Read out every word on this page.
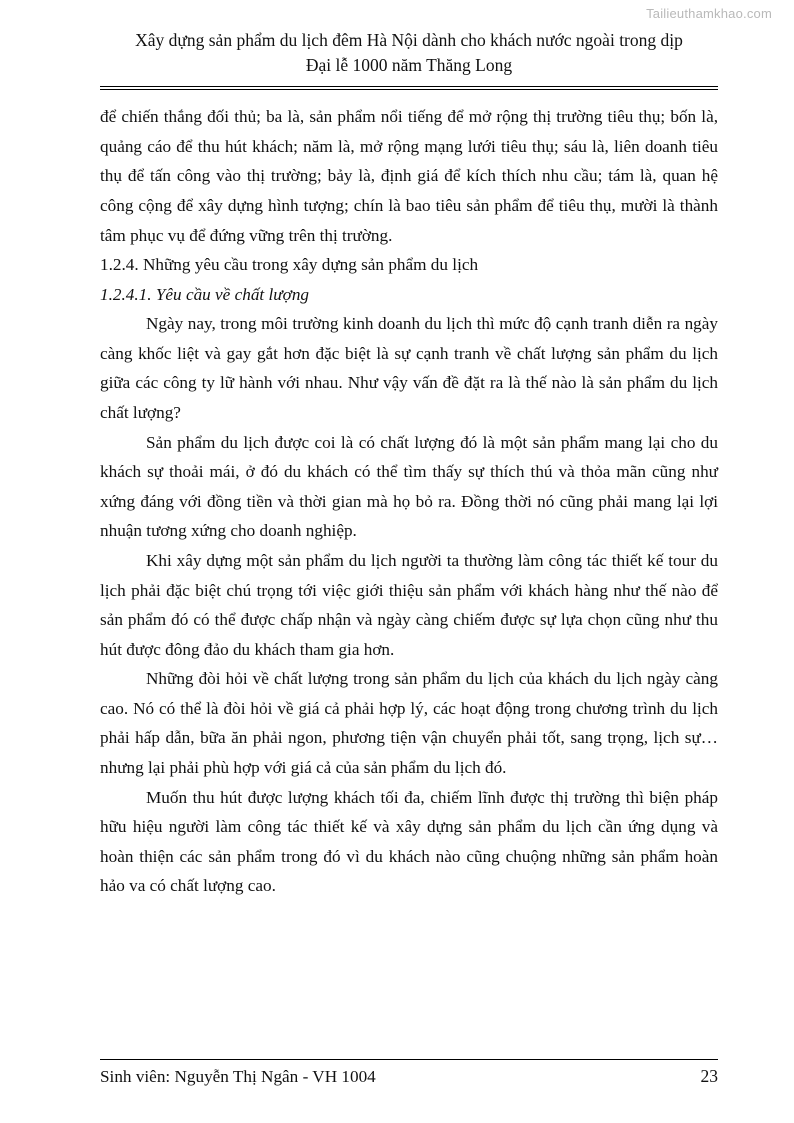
Tailieuthamkhao.com
Xây dựng sản phẩm du lịch đêm Hà Nội dành cho khách nước ngoài trong dịp
Đại lễ 1000 năm Thăng Long

để chiến thắng đối thủ; ba là, sản phẩm nổi tiếng để mở rộng thị trường tiêu thụ; bốn là, quảng cáo để thu hút khách; năm là, mở rộng mạng lưới tiêu thụ; sáu là, liên doanh tiêu thụ để tấn công vào thị trường; bảy là, định giá để kích thích nhu cầu; tám là, quan hệ công cộng để xây dựng hình tượng; chín là bao tiêu sản phẩm để tiêu thụ, mười là thành tâm phục vụ để đứng vững trên thị trường.

1.2.4. Những yêu cầu trong xây dựng sản phẩm du lịch

1.2.4.1. Yêu cầu về chất lượng

Ngày nay, trong môi trường kinh doanh du lịch thì mức độ cạnh tranh diễn ra ngày càng khốc liệt và gay gắt hơn đặc biệt là sự cạnh tranh về chất lượng sản phẩm du lịch giữa các công ty lữ hành với nhau. Như vậy vấn đề đặt ra là thế nào là sản phẩm du lịch chất lượng?

Sản phẩm du lịch được coi là có chất lượng đó là một sản phẩm mang lại cho du khách sự thoải mái, ở đó du khách có thể tìm thấy sự thích thú và thỏa mãn cũng như xứng đáng với đồng tiền và thời gian mà họ bỏ ra. Đồng thời nó cũng phải mang lại lợi nhuận tương xứng cho doanh nghiệp.

Khi xây dựng một sản phẩm du lịch người ta thường làm công tác thiết kế tour du lịch phải đặc biệt chú trọng tới việc giới thiệu sản phẩm với khách hàng như thế nào để sản phẩm đó có thể được chấp nhận và ngày càng chiếm được sự lựa chọn cũng như thu hút được đông đảo du khách tham gia hơn.

Những đòi hỏi về chất lượng trong sản phẩm du lịch của khách du lịch ngày càng cao. Nó có thể là đòi hỏi về giá cả phải hợp lý, các hoạt động trong chương trình du lịch phải hấp dẫn, bữa ăn phải ngon, phương tiện vận chuyển phải tốt, sang trọng, lịch sự… nhưng lại phải phù hợp với giá cả của sản phẩm du lịch đó.

Muốn thu hút được lượng khách tối đa, chiếm lĩnh được thị trường thì biện pháp hữu hiệu người làm công tác thiết kế và xây dựng sản phẩm du lịch cần ứng dụng và hoàn thiện các sản phẩm trong đó vì du khách nào cũng chuộng những sản phẩm hoàn hảo va có chất lượng cao.

Sinh viên: Nguyễn Thị Ngân - VH 1004	23
